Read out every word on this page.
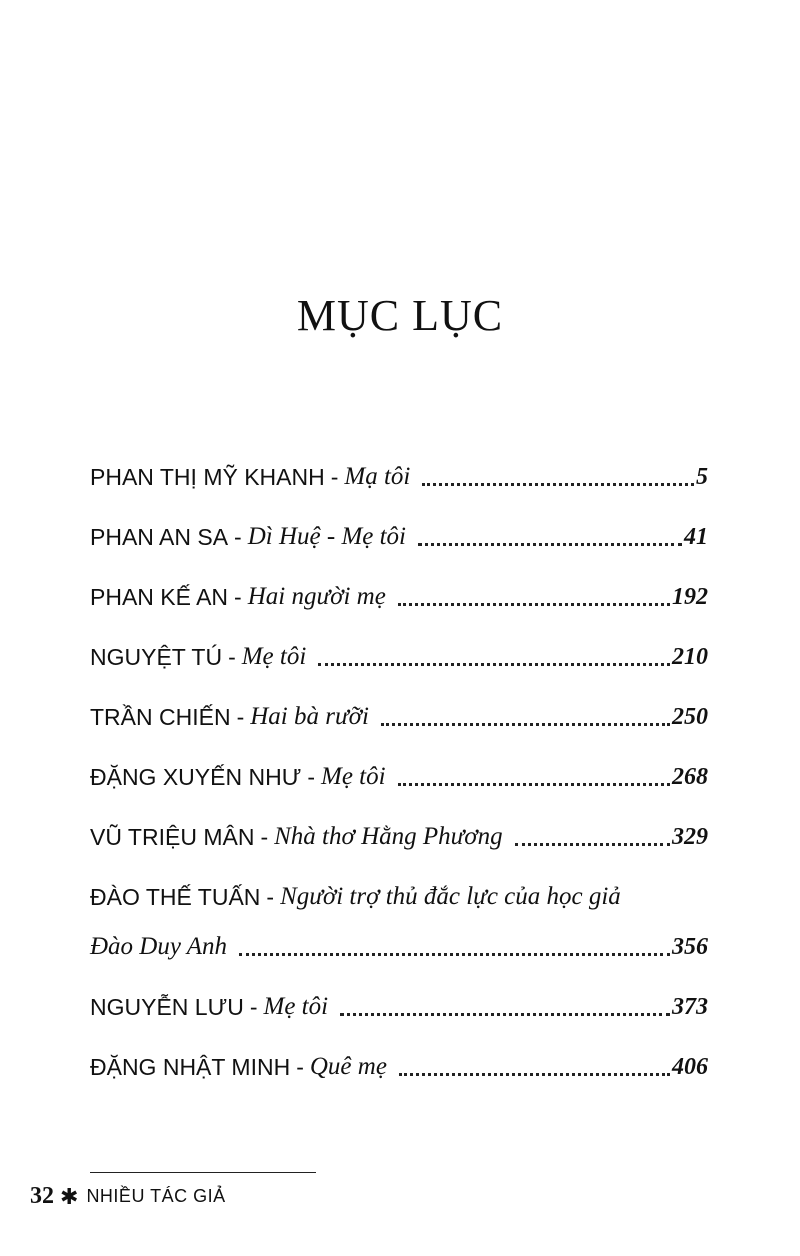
MỤC LỤC
PHAN THỊ MỸ KHANH - Mạ tôi	5
PHAN AN SA - Dì Huệ - Mẹ tôi	41
PHAN KẾ AN - Hai người mẹ	192
NGUYỆT TÚ - Mẹ tôi	210
TRẦN CHIẾN - Hai bà rưỡi	250
ĐẶNG XUYẾN NHƯ - Mẹ tôi	268
VŨ TRIỆU MÂN - Nhà thơ Hằng Phương	329
ĐÀO THẾ TUẤN - Người trợ thủ đắc lực của học giả
Đào Duy Anh	356
NGUYỄN LƯU - Mẹ tôi	373
ĐẶNG NHẬT MINH - Quê mẹ	406
32 ✱ NHIỀU TÁC GIẢ
